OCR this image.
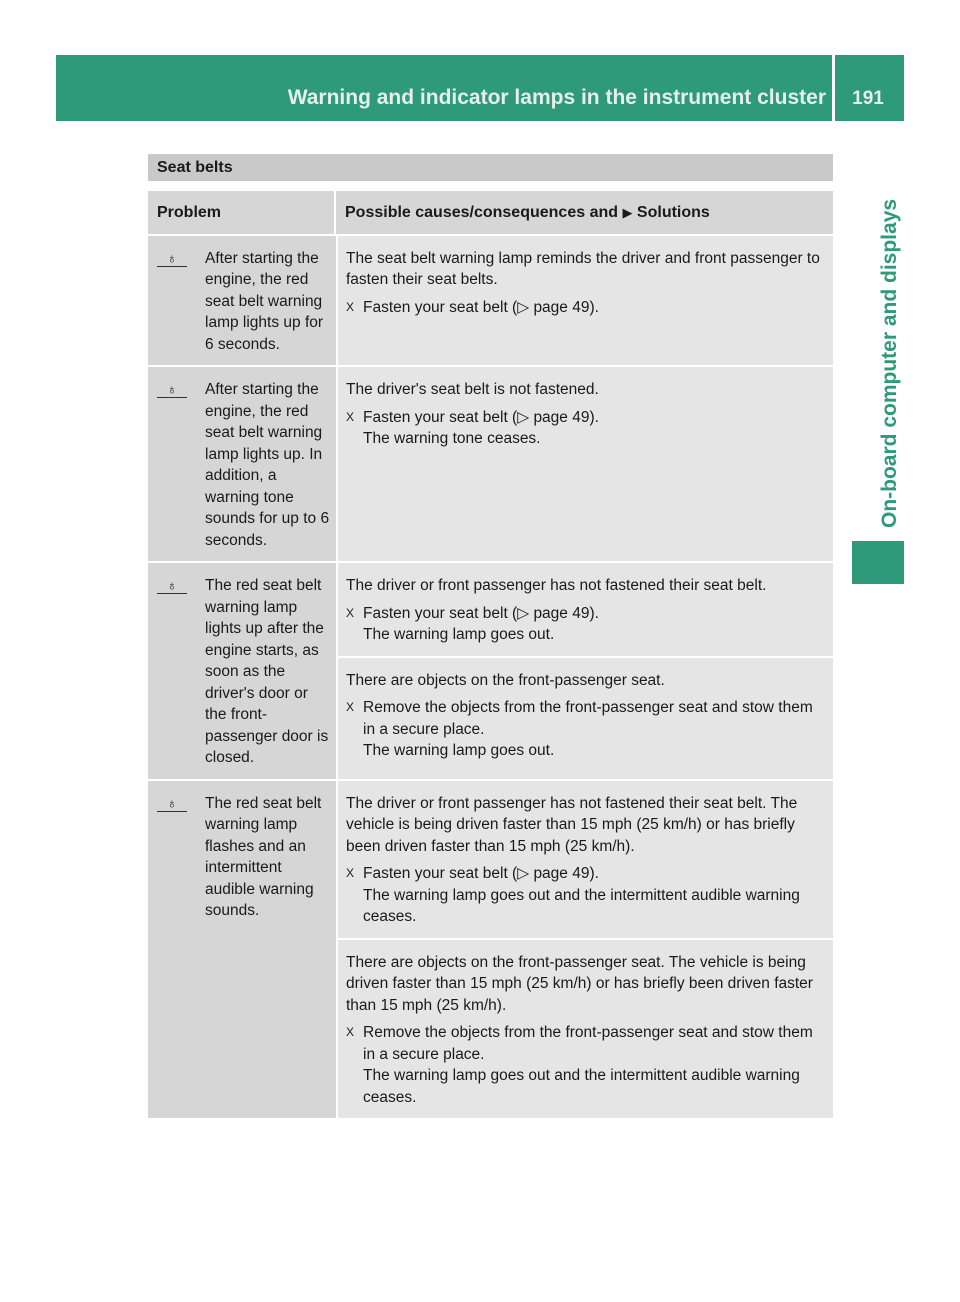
Warning and indicator lamps in the instrument cluster	191
On-board computer and displays
Seat belts
Problem	Possible causes/consequences and ▶ Solutions
♁	After starting the engine, the red seat belt warning lamp lights up for 6 seconds.
The seat belt warning lamp reminds the driver and front passenger to fasten their seat belts.
X Fasten your seat belt (▷ page 49).
♁	After starting the engine, the red seat belt warning lamp lights up. In addition, a warning tone sounds for up to 6 seconds.
The driver's seat belt is not fastened.
X Fasten your seat belt (▷ page 49).
The warning tone ceases.
♁	The red seat belt warning lamp lights up after the engine starts, as soon as the driver's door or the front-passenger door is closed.
The driver or front passenger has not fastened their seat belt.
X Fasten your seat belt (▷ page 49).
The warning lamp goes out.
There are objects on the front-passenger seat.
X Remove the objects from the front-passenger seat and stow them in a secure place.
The warning lamp goes out.
♁	The red seat belt warning lamp flashes and an intermittent audible warning sounds.
The driver or front passenger has not fastened their seat belt. The vehicle is being driven faster than 15 mph (25 km/h) or has briefly been driven faster than 15 mph (25 km/h).
X Fasten your seat belt (▷ page 49).
The warning lamp goes out and the intermittent audible warning ceases.
There are objects on the front-passenger seat. The vehicle is being driven faster than 15 mph (25 km/h) or has briefly been driven faster than 15 mph (25 km/h).
X Remove the objects from the front-passenger seat and stow them in a secure place.
The warning lamp goes out and the intermittent audible warning ceases.
